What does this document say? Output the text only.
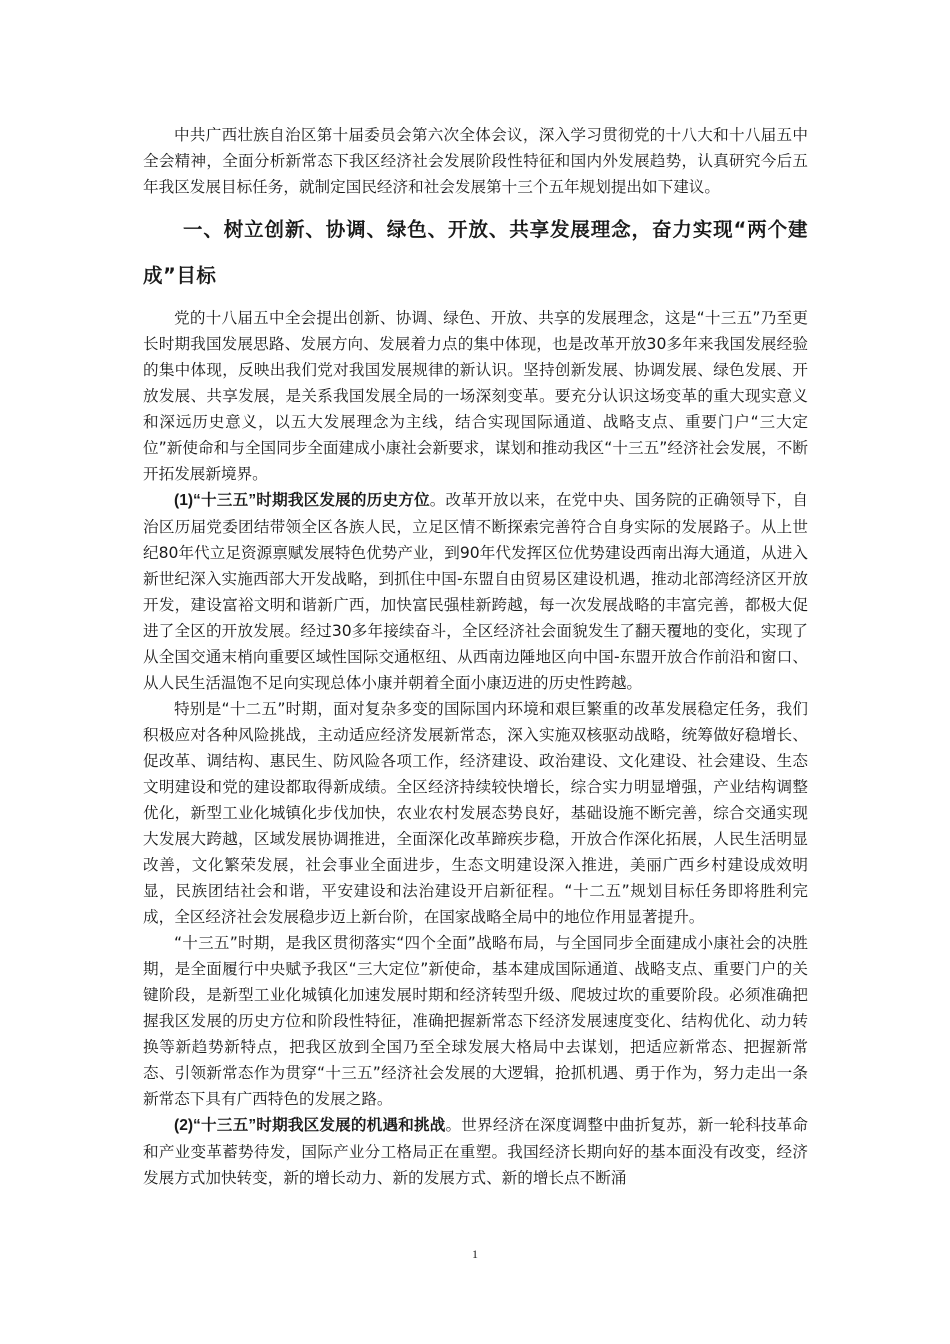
中共广西壮族自治区第十届委员会第六次全体会议，深入学习贯彻党的十八大和十八届五中全会精神，全面分析新常态下我区经济社会发展阶段性特征和国内外发展趋势，认真研究今后五年我区发展目标任务，就制定国民经济和社会发展第十三个五年规划提出如下建议。

一、树立创新、协调、绿色、开放、共享发展理念，奋力实现“两个建成”目标

党的十八届五中全会提出创新、协调、绿色、开放、共享的发展理念，这是“十三五”乃至更长时期我国发展思路、发展方向、发展着力点的集中体现，也是改革开放30多年来我国发展经验的集中体现，反映出我们党对我国发展规律的新认识。坚持创新发展、协调发展、绿色发展、开放发展、共享发展，是关系我国发展全局的一场深刻变革。要充分认识这场变革的重大现实意义和深远历史意义，以五大发展理念为主线，结合实现国际通道、战略支点、重要门户“三大定位”新使命和与全国同步全面建成小康社会新要求，谋划和推动我区“十三五”经济社会发展，不断开拓发展新境界。

(1)“十三五”时期我区发展的历史方位。改革开放以来，在党中央、国务院的正确领导下，自治区历届党委团结带领全区各族人民，立足区情不断探索完善符合自身实际的发展路子。从上世纪80年代立足资源禀赋发展特色优势产业，到90年代发挥区位优势建设西南出海大通道，从进入新世纪深入实施西部大开发战略，到抓住中国-东盟自由贸易区建设机遇，推动北部湾经济区开放开发，建设富裕文明和谐新广西，加快富民强桂新跨越，每一次发展战略的丰富完善，都极大促进了全区的开放发展。经过30多年接续奋斗，全区经济社会面貌发生了翻天覆地的变化，实现了从全国交通末梢向重要区域性国际交通枢纽、从西南边陲地区向中国-东盟开放合作前沿和窗口、从人民生活温饱不足向实现总体小康并朝着全面小康迈进的历史性跨越。

特别是“十二五”时期，面对复杂多变的国际国内环境和艰巨繁重的改革发展稳定任务，我们积极应对各种风险挑战，主动适应经济发展新常态，深入实施双核驱动战略，统筹做好稳增长、促改革、调结构、惠民生、防风险各项工作，经济建设、政治建设、文化建设、社会建设、生态文明建设和党的建设都取得新成绩。全区经济持续较快增长，综合实力明显增强，产业结构调整优化，新型工业化城镇化步伐加快，农业农村发展态势良好，基础设施不断完善，综合交通实现大发展大跨越，区域发展协调推进，全面深化改革蹄疾步稳，开放合作深化拓展，人民生活明显改善，文化繁荣发展，社会事业全面进步，生态文明建设深入推进，美丽广西乡村建设成效明显，民族团结社会和谐，平安建设和法治建设开启新征程。“十二五”规划目标任务即将胜利完成，全区经济社会发展稳步迈上新台阶，在国家战略全局中的地位作用显著提升。

“十三五”时期，是我区贯彻落实“四个全面”战略布局，与全国同步全面建成小康社会的决胜期，是全面履行中央赋予我区“三大定位”新使命，基本建成国际通道、战略支点、重要门户的关键阶段，是新型工业化城镇化加速发展时期和经济转型升级、爬坡过坎的重要阶段。必须准确把握我区发展的历史方位和阶段性特征，准确把握新常态下经济发展速度变化、结构优化、动力转换等新趋势新特点，把我区放到全国乃至全球发展大格局中去谋划，把适应新常态、把握新常态、引领新常态作为贯穿“十三五”经济社会发展的大逻辑，抢抓机遇、勇于作为，努力走出一条新常态下具有广西特色的发展之路。

(2)“十三五”时期我区发展的机遇和挑战。世界经济在深度调整中曲折复苏，新一轮科技革命和产业变革蓄势待发，国际产业分工格局正在重塑。我国经济长期向好的基本面没有改变，经济发展方式加快转变，新的增长动力、新的发展方式、新的增长点不断涌

1
